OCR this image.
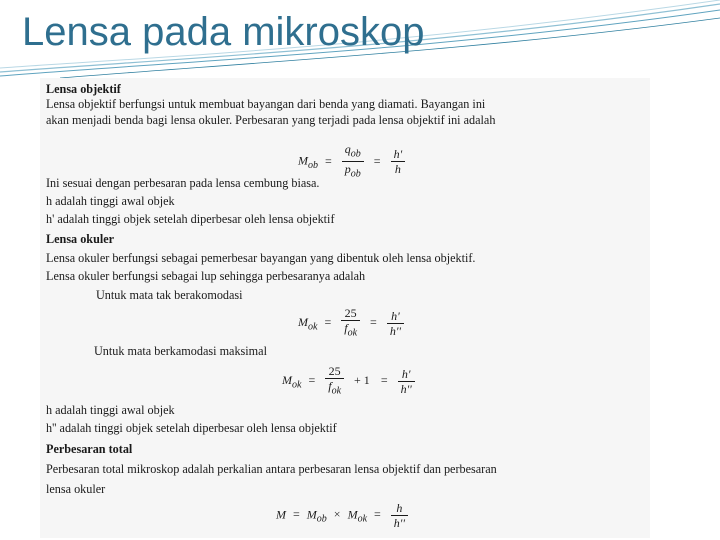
Lensa pada mikroskop
Lensa objektif
Lensa objektif berfungsi untuk membuat bayangan dari benda yang diamati. Bayangan ini
akan menjadi benda bagi lensa okuler. Perbesaran yang terjadi pada lensa objektif ini adalah
$M_{ob} = \frac{q_{ob}}{p_{ob}} = \frac{h'}{h}$
Ini sesuai dengan perbesaran pada lensa cembung biasa.
h adalah tinggi awal objek
h' adalah tinggi objek setelah diperbesar oleh lensa objektif
Lensa okuler
Lensa okuler berfungsi sebagai pemerbesar bayangan yang dibentuk oleh lensa objektif.
Lensa okuler berfungsi sebagai lup sehingga perbesaranya adalah
Untuk mata tak berakomodasi
$M_{ok} = \frac{25}{f_{ok}} = \frac{h'}{h''}$
Untuk mata berkamodasi maksimal
$M_{ok} = \frac{25}{f_{ok}} + 1 = \frac{h'}{h''}$
h adalah tinggi awal objek
h'' adalah tinggi objek setelah diperbesar oleh lensa objektif
Perbesaran total
Perbesaran total mikroskop adalah perkalian antara perbesaran lensa objektif dan perbesaran
lensa okuler
$M = M_{ob} \times M_{ok} = \frac{h}{h''}$
